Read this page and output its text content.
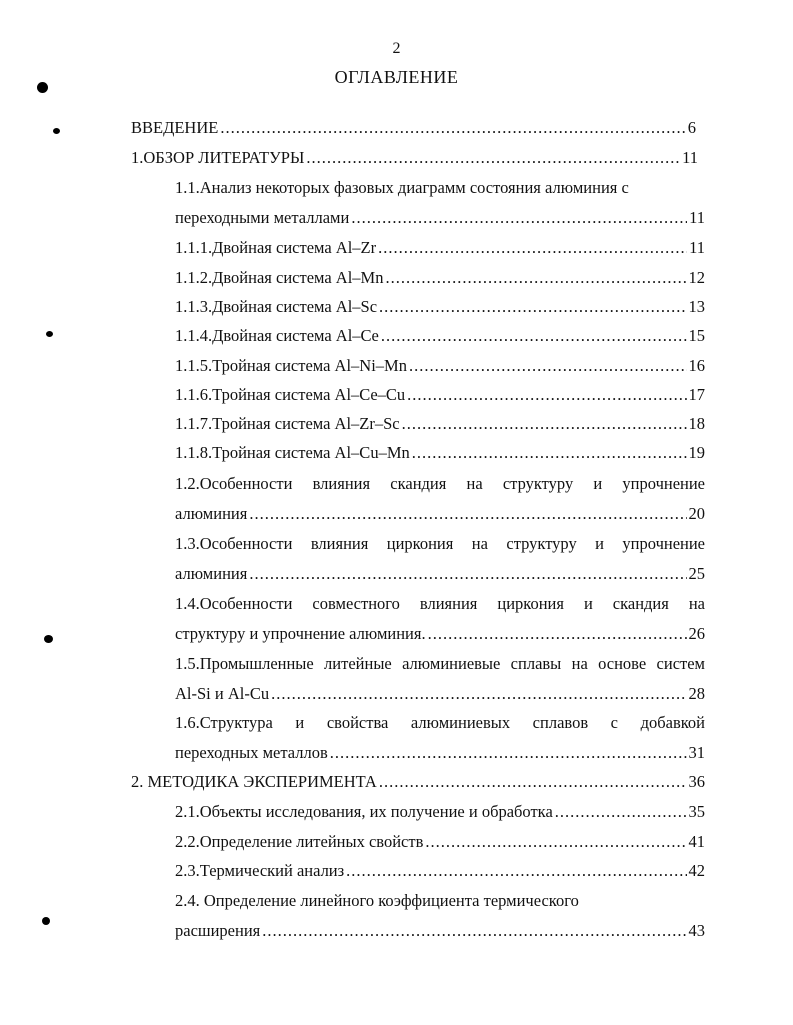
2
ОГЛАВЛЕНИЕ
ВВЕДЕНИЕ .....	6
1.ОБЗОР ЛИТЕРАТУРЫ .....	11
1.1.Анализ некоторых фазовых диаграмм состояния алюминия с
переходными металлами .....	11
1.1.1.Двойная система Al–Zr .....	11
1.1.2.Двойная система Al–Mn .....	12
1.1.3.Двойная система Al–Sc .....	13
1.1.4.Двойная система Al–Ce .....	15
1.1.5.Тройная система Al–Ni–Mn .....	16
1.1.6.Тройная система Al–Ce–Cu .....	17
1.1.7.Тройная система Al–Zr–Sc .....	18
1.1.8.Тройная система Al–Cu–Mn .....	19
1.2.Особенности влияния скандия на структуру и упрочнение
алюминия .....	20
1.3.Особенности влияния циркония на структуру и упрочнение
алюминия .....	25
1.4.Особенности совместного влияния циркония и скандия на
структуру и упрочнение алюминия. .....	26
1.5.Промышленные литейные алюминиевые сплавы на основе систем
Al-Si и Al-Cu .....	28
1.6.Структура и свойства алюминиевых сплавов с добавкой
переходных металлов .....	31
2. МЕТОДИКА ЭКСПЕРИМЕНТА .....	36
2.1.Объекты исследования, их получение и обработка .....	35
2.2.Определение литейных свойств .....	41
2.3.Термический анализ .....	42
2.4. Определение линейного коэффициента термического
расширения .....	43
